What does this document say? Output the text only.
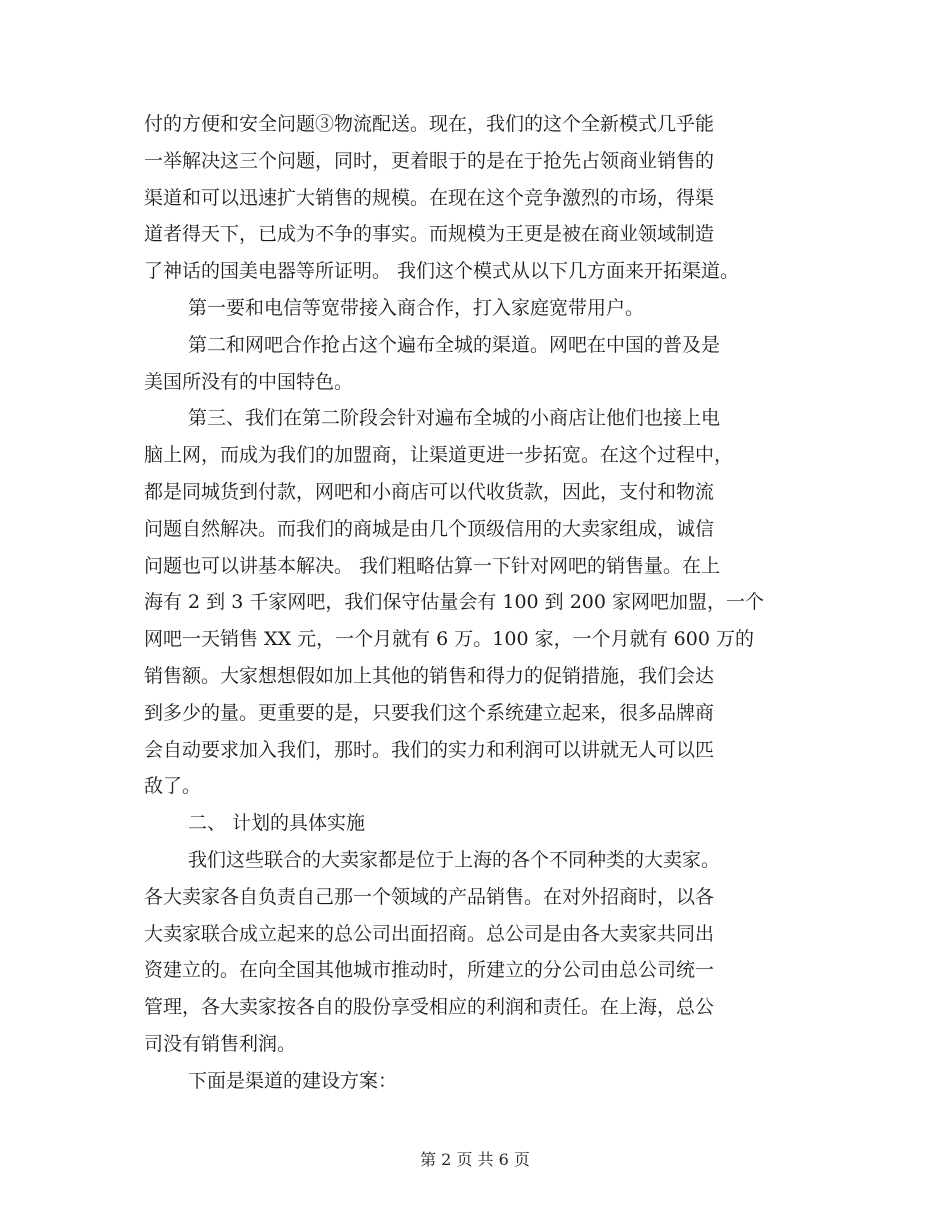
付的方便和安全问题③物流配送。现在，我们的这个全新模式几乎能
一举解决这三个问题，同时，更着眼于的是在于抢先占领商业销售的
渠道和可以迅速扩大销售的规模。在现在这个竞争激烈的市场，得渠
道者得天下，已成为不争的事实。而规模为王更是被在商业领域制造
了神话的国美电器等所证明。 我们这个模式从以下几方面来开拓渠道。
第一要和电信等宽带接入商合作，打入家庭宽带用户。
第二和网吧合作抢占这个遍布全城的渠道。网吧在中国的普及是
美国所没有的中国特色。
第三、我们在第二阶段会针对遍布全城的小商店让他们也接上电
脑上网，而成为我们的加盟商，让渠道更进一步拓宽。在这个过程中，
都是同城货到付款，网吧和小商店可以代收货款，因此，支付和物流
问题自然解决。而我们的商城是由几个顶级信用的大卖家组成，诚信
问题也可以讲基本解决。 我们粗略估算一下针对网吧的销售量。在上
海有 2 到 3 千家网吧，我们保守估量会有 100 到 200 家网吧加盟，一个
网吧一天销售 XX 元，一个月就有 6 万。100 家，一个月就有 600 万的
销售额。大家想想假如加上其他的销售和得力的促销措施，我们会达
到多少的量。更重要的是，只要我们这个系统建立起来，很多品牌商
会自动要求加入我们，那时。我们的实力和利润可以讲就无人可以匹
敌了。
二、 计划的具体实施
我们这些联合的大卖家都是位于上海的各个不同种类的大卖家。
各大卖家各自负责自己那一个领域的产品销售。在对外招商时，以各
大卖家联合成立起来的总公司出面招商。总公司是由各大卖家共同出
资建立的。在向全国其他城市推动时，所建立的分公司由总公司统一
管理，各大卖家按各自的股份享受相应的利润和责任。在上海，总公
司没有销售利润。
下面是渠道的建设方案：
第 2 页 共 6 页
